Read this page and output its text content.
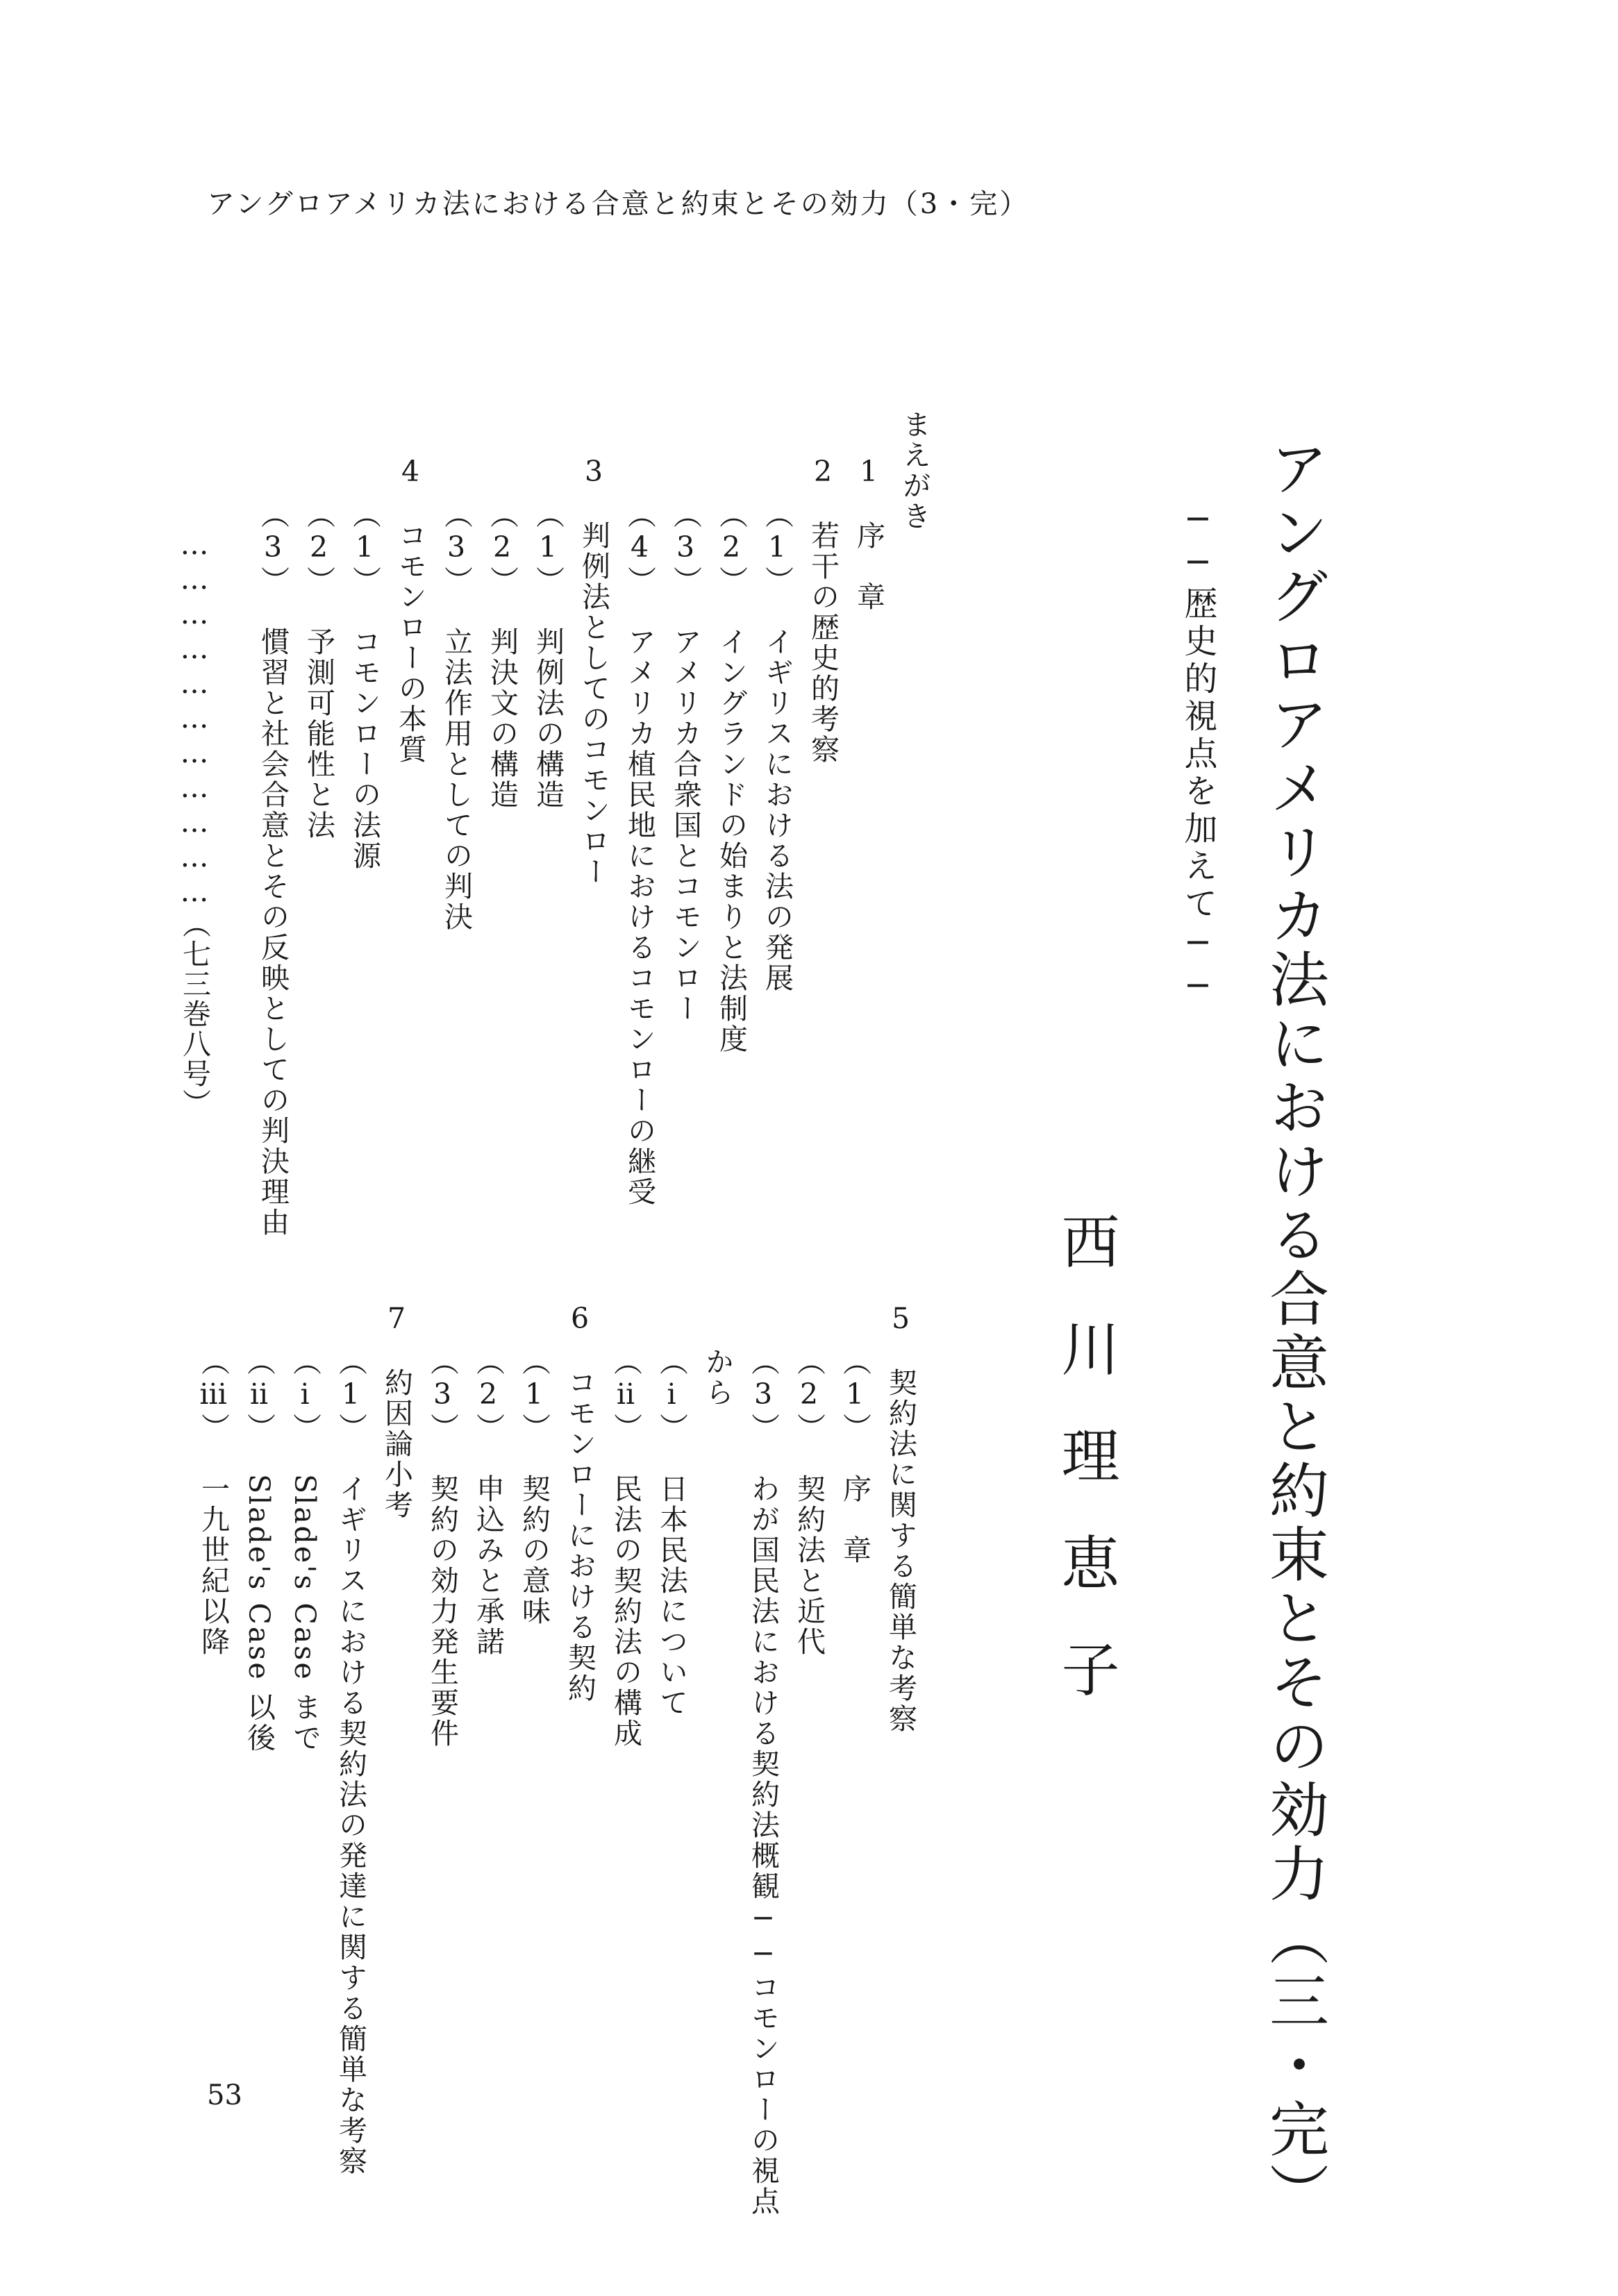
アングロアメリカ法における合意と約束とその効力（3・完）
アングロアメリカ法における合意と約束とその効力（三・完）
──歴史的視点を加えて──
西川理恵子
まえがき
1　序　章
2　若干の歴史的考察
（1）　イギリスにおける法の発展
（2）　イングランドの始まりと法制度
（3）　アメリカ合衆国とコモンロー
（4）　アメリカ植民地におけるコモンローの継受
3　判例法としてのコモンロー
（1）　判例法の構造
（2）　判決文の構造
（3）　立法作用としての判決
4　コモンローの本質
（1）　コモンローの法源
（2）　予測可能性と法
（3）　慣習と社会合意とその反映としての判決理由
5　契約法に関する簡単な考察
（1）　序　章
（2）　契約法と近代
（3）　わが国民法における契約法概観──コモンローの視点
から
（ⅰ）　日本民法について
（ⅱ）　民法の契約法の構成
6　コモンローにおける契約
（1）　契約の意味
（2）　申込みと承諾
（3）　契約の効力発生要件
7　約因論小考
（1）　イギリスにおける契約法の発達に関する簡単な考察
（ⅰ）　Slade's Case まで
（ⅱ）　Slade's Case 以後
（ⅲ）　一九世紀以降
……………………………（七三巻八号）
53
